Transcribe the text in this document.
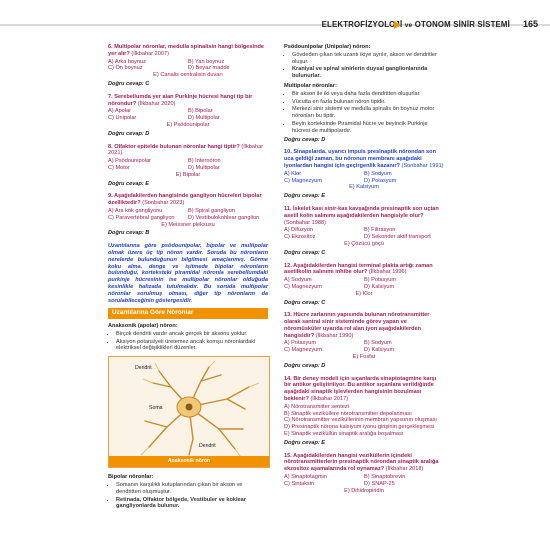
ELEKTROFİZYOLOJİ ve OTONOM SİNİR SİSTEMİ 165
6. Multipolar nöronlar, medulla spinalisin hangi bölgesinde yer alır? (İlkbahar 2007)
A) Arka boynuz	B) Yan boynuz
C) Ön boynuz	D) Beyaz madde
E) Canalis centralisin duvarı
Doğru cevap: C
7. Serebellumda yer alan Purkinje hücresi hangi tip bir nörondur? (İlkbahar 2020)
A) Apolar	B) Bipolar
C) Unipolar	D) Multipolar
E) Psödounipolar
Doğru cevap: D
8. Olfaktor epitelde bulunan nöronlar hangi tiptir? (İlkbahar 2021)
A) Psödounipolar	B) İnternöron
C) Motor	D) Multipolar
E) Bipolar
Doğru cevap: E
9. Aşağıdakilerden hangisinde gangliyon hücreleri bipolar özelliktedir? (Sonbahar 2023)
A) Ara kök gangliyonu	B) Spiral gangliyon
C) Paravertebral gangliyon	D) Vestibulokohlear ganglion
E) Meissner pleksusu
Doğru cevap: B
Uzantılarına göre psödounipolar, bipolar ve multipolar olmak üzere üç tip nöron vardır. Soruda bu nöronların nerelerde bulunduğunun bilgilmesi amaçlanmış. Görme koku alma, denge ve işitmede bipolar nöronların bulunduğu, korteksteki piramidal nöronla serebellumdaki purkinje hücresinin ise multipolar nöronlar olduğuda kesinlikle hafızada tutulmalıdır. Bu soruda multipolar nöronlar sorulmuş olması, diğer tip nöronların da sorulabileceğinin göstergesidir.
Uzantılarına Göre Nöronlar
Anaksonik (apolar) nöron:
• Birçok dendriti vardır ancak gerçek bir aksonu yoktur.
• Aksiyon potansiyeli üretemez ancak komşu nöronlardaki elektriksel değişiklikleri düzenler.
Dendrit
Soma
Dendrit
Anaksonik nöron
Bipolar nöronlar:
• Somanın karşılıklı kutuplarından çıkan bir akson ve dendritten oluşmuştur.
• Retinada, Olfaktor bölgede, Vestibuler ve koklear gangliyonlarda bulunur.
Psödounipolar (Unipolar) nöron:
• Gövdeden çıkan tek uzantı ikiye ayrılır, akson ve dendritler oluşur.
• Kraniyal ve spinal sinirlerin duysal ganglionlarında bulunurlar.
Multipolar nöronlar:
• Bir akson ile iki veya daha fazla dendritten oluşurlar.
• Vücutta en fazla bulunan nöron tipidir.
• Merkezi sinir sistemi ve medulla spinalis ön boynuz motor nöronları bu tiptir.
• Beyin korteksinde Piramidal hücre ve beyincik Purkinje hücresi de multipolardır.
Doğru cevap: D
10. Sinapslarda, uyarıcı impuls presinaptik nörondan son uca geldiği zaman, bu nöronun membranı aşağıdaki iyonlardan hangisi için geçirgenlik kazanır? (Sonbahar 1991)
A) Klor	B) Sodyum
C) Magnezyum	D) Potasyum
E) Kalsiyum
Doğru cevap: E
11. İskelet kası sinir-kas kavşağında presinaptik son uçtan asetil kolin salınımı aşağıdakilerden hangisiyle olur? (Sonbahar 1988)
A) Difüzyon	B) Filtrasyon
C) Ekzositoz	D) Sekonder aktif transport
E) Çözücü göçü
Doğru cevap: C
12. Aşağıdakilerden hangisi terminal plakta artığı zaman asetilkolin salınımı inhibe olur? (İlkbahar 1996)
A) Sodyum	B) Potasyum
C) Magnezyum	D) Kalsiyum
E) Klor
Doğru cevap: C
13. Hücre zarlarının yapısında bulunan nörotransmitter olarak santral sinir sisteminde görev yapan ve nöromüsküler uyarıda rol alan iyon aşağıdakilerden hangisidir? (İlkbahar 1990)
A) Potasyum	B) Sodyum
C) Magnezyum	D) Kalsiyum
E) Fosfat
Doğru cevap: D
14. Bir deney modeli için sıçanlarda sinaptotagmine karşı bir antikor geliştiriliyor. Bu antikor sıçanlara verildiğinde aşağıdaki sinaptik işlevlerden hangisinin bozulması beklenir? (İlkbahar 2017)
A) Nörotransmitter sentezi
B) Sinaptik veziküllere nörotransmitter depolanması
C) Nörotransmitter veziküllerinin membran yapısının oluşması
D) Presinaptik nörona kalsiyum iyonu girişinin gerçekleşmesi
E) Sinaptik veziküllün sinaptik aralığa boşalması
Doğru cevap: E
15. Aşağıdakilerden hangisi veziküllerin içindeki nörotransmitterlerin presinaptik nörondan sinaptik aralığa ekzositoz aşamalarında rol oynamaz? (İlkbahar 2018)
A) Sinaptotagmin	B) Sinaptobrevin
C) Sintaksin	D) SNAP-25
E) Dihidropiridin
